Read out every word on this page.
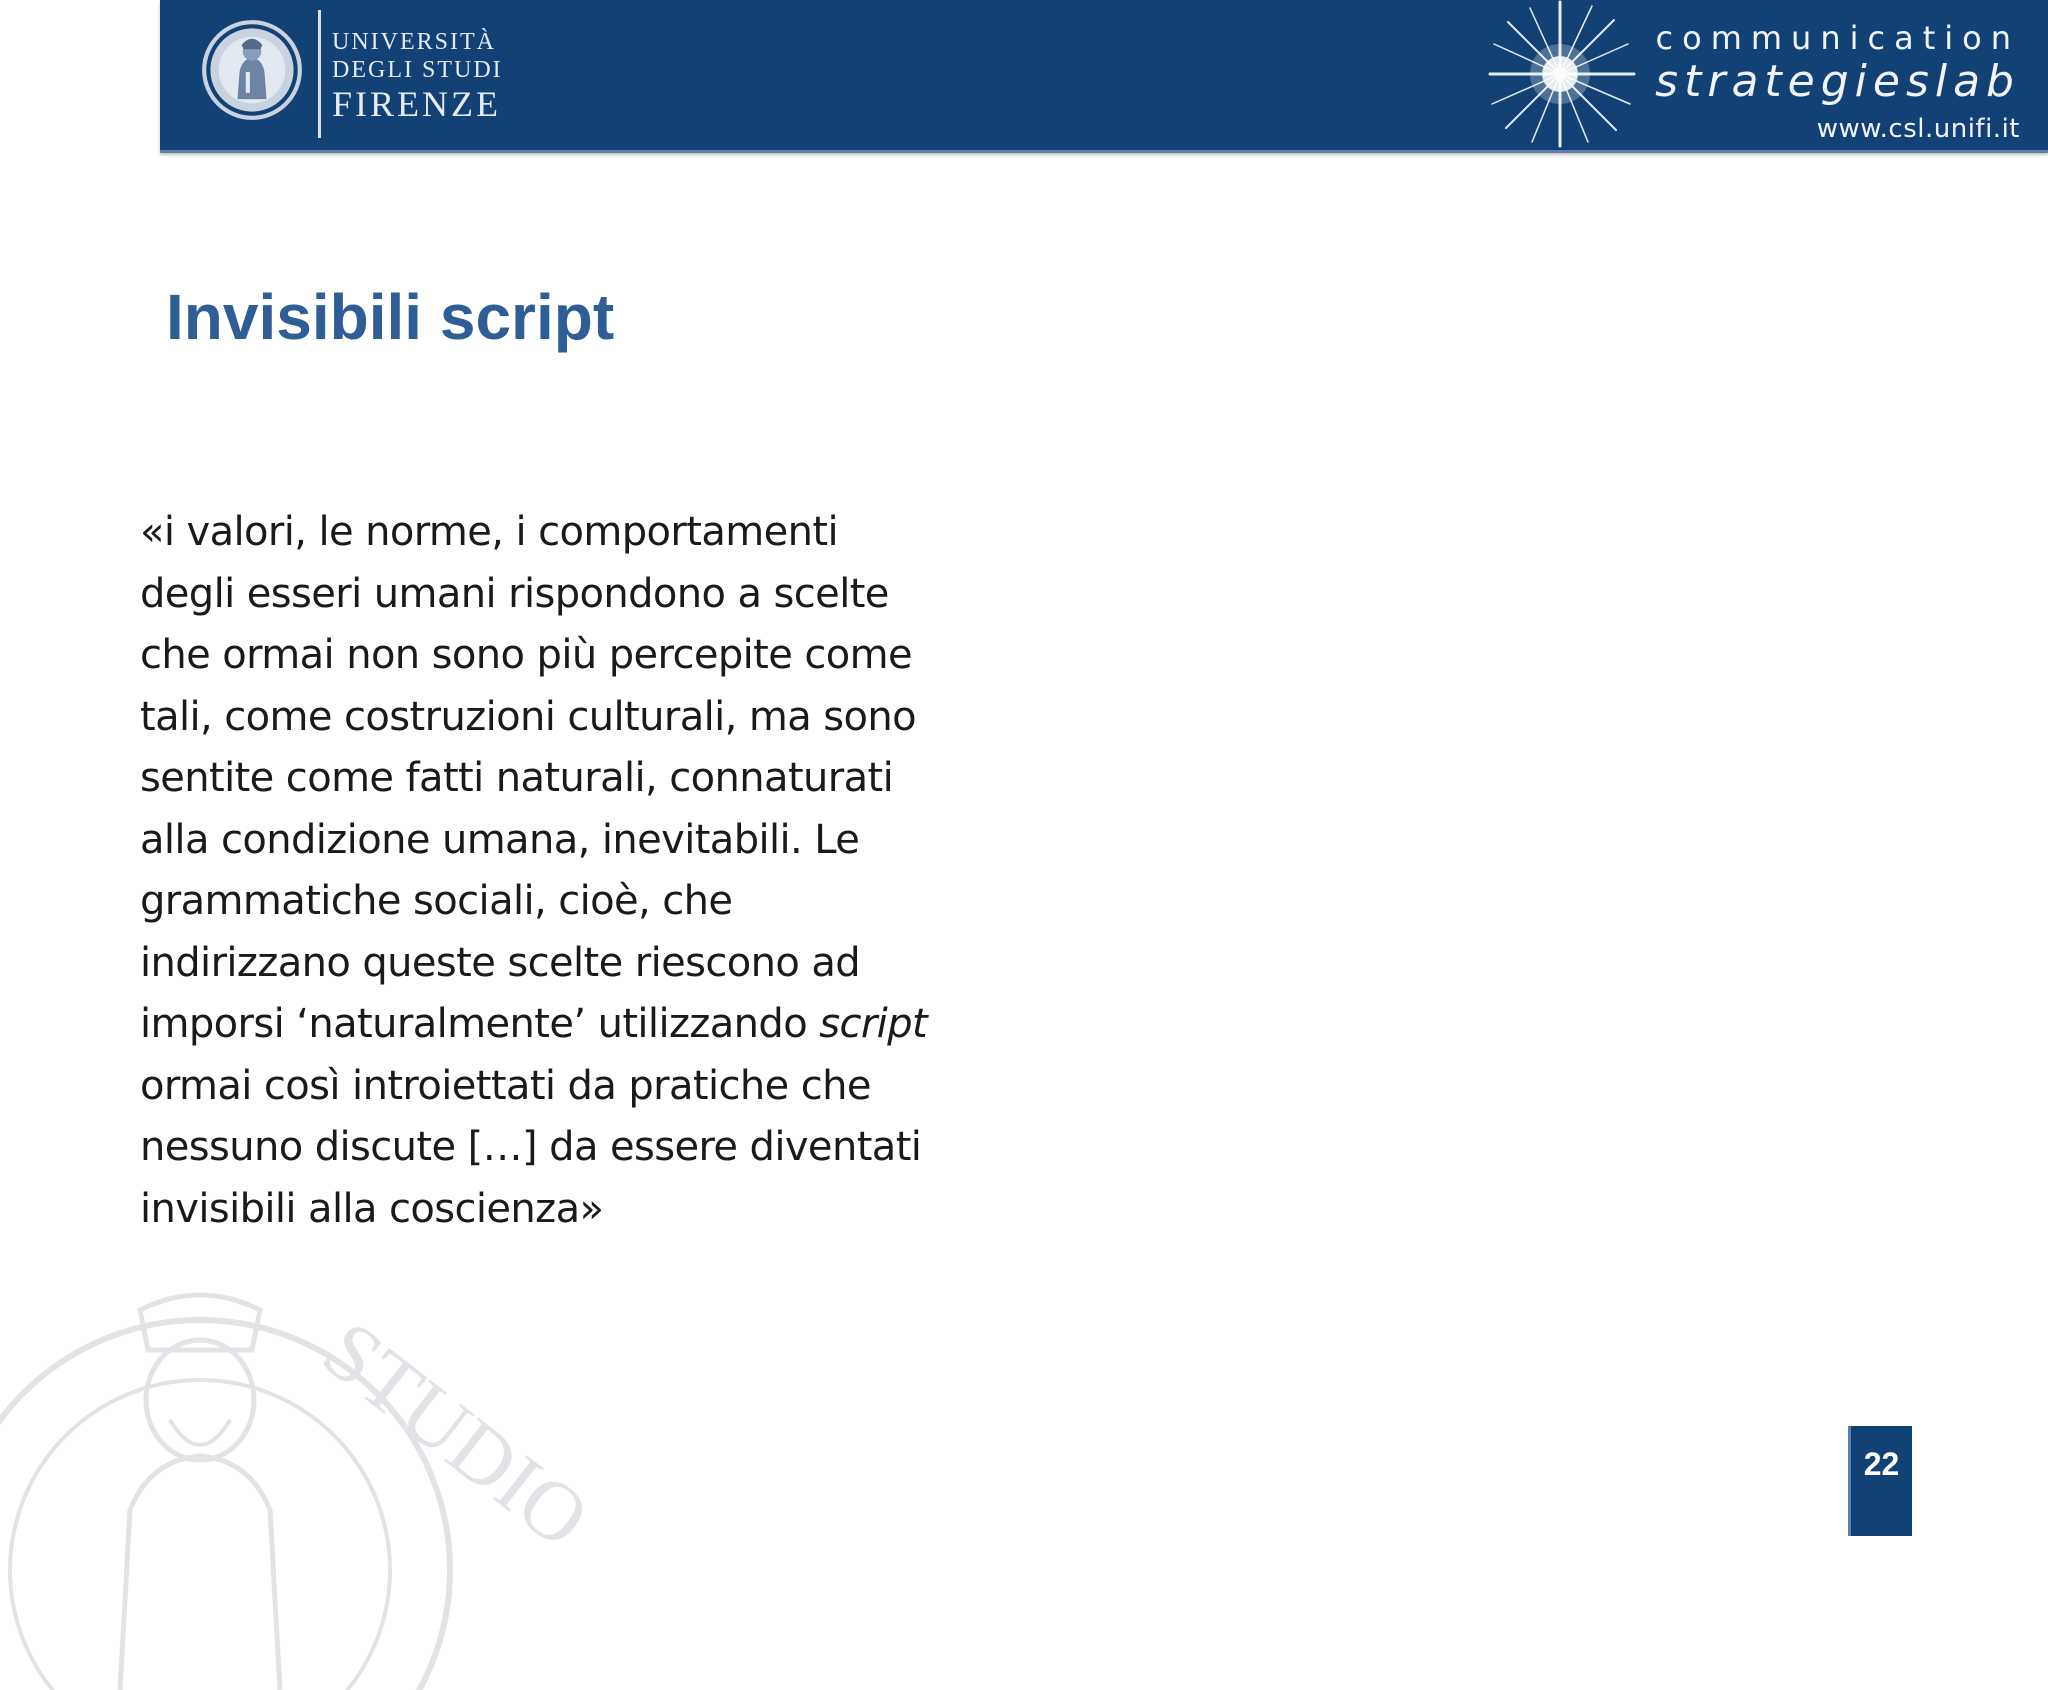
UNIVERSITÀ
DEGLI STUDI
FIRENZE
communication
strategieslab
www.csl.unifi.it
Invisibili script

«i valori, le norme, i comportamenti
degli esseri umani rispondono a scelte
che ormai non sono più percepite come
tali, come costruzioni culturali, ma sono
sentite come fatti naturali, connaturati
alla condizione umana, inevitabili. Le
grammatiche sociali, cioè, che
indirizzano queste scelte riescono ad
imporsi ‘naturalmente’ utilizzando script
ormai così introiettati da pratiche che
nessuno discute […] da essere diventati
invisibili alla coscienza»

STUDIO	22
